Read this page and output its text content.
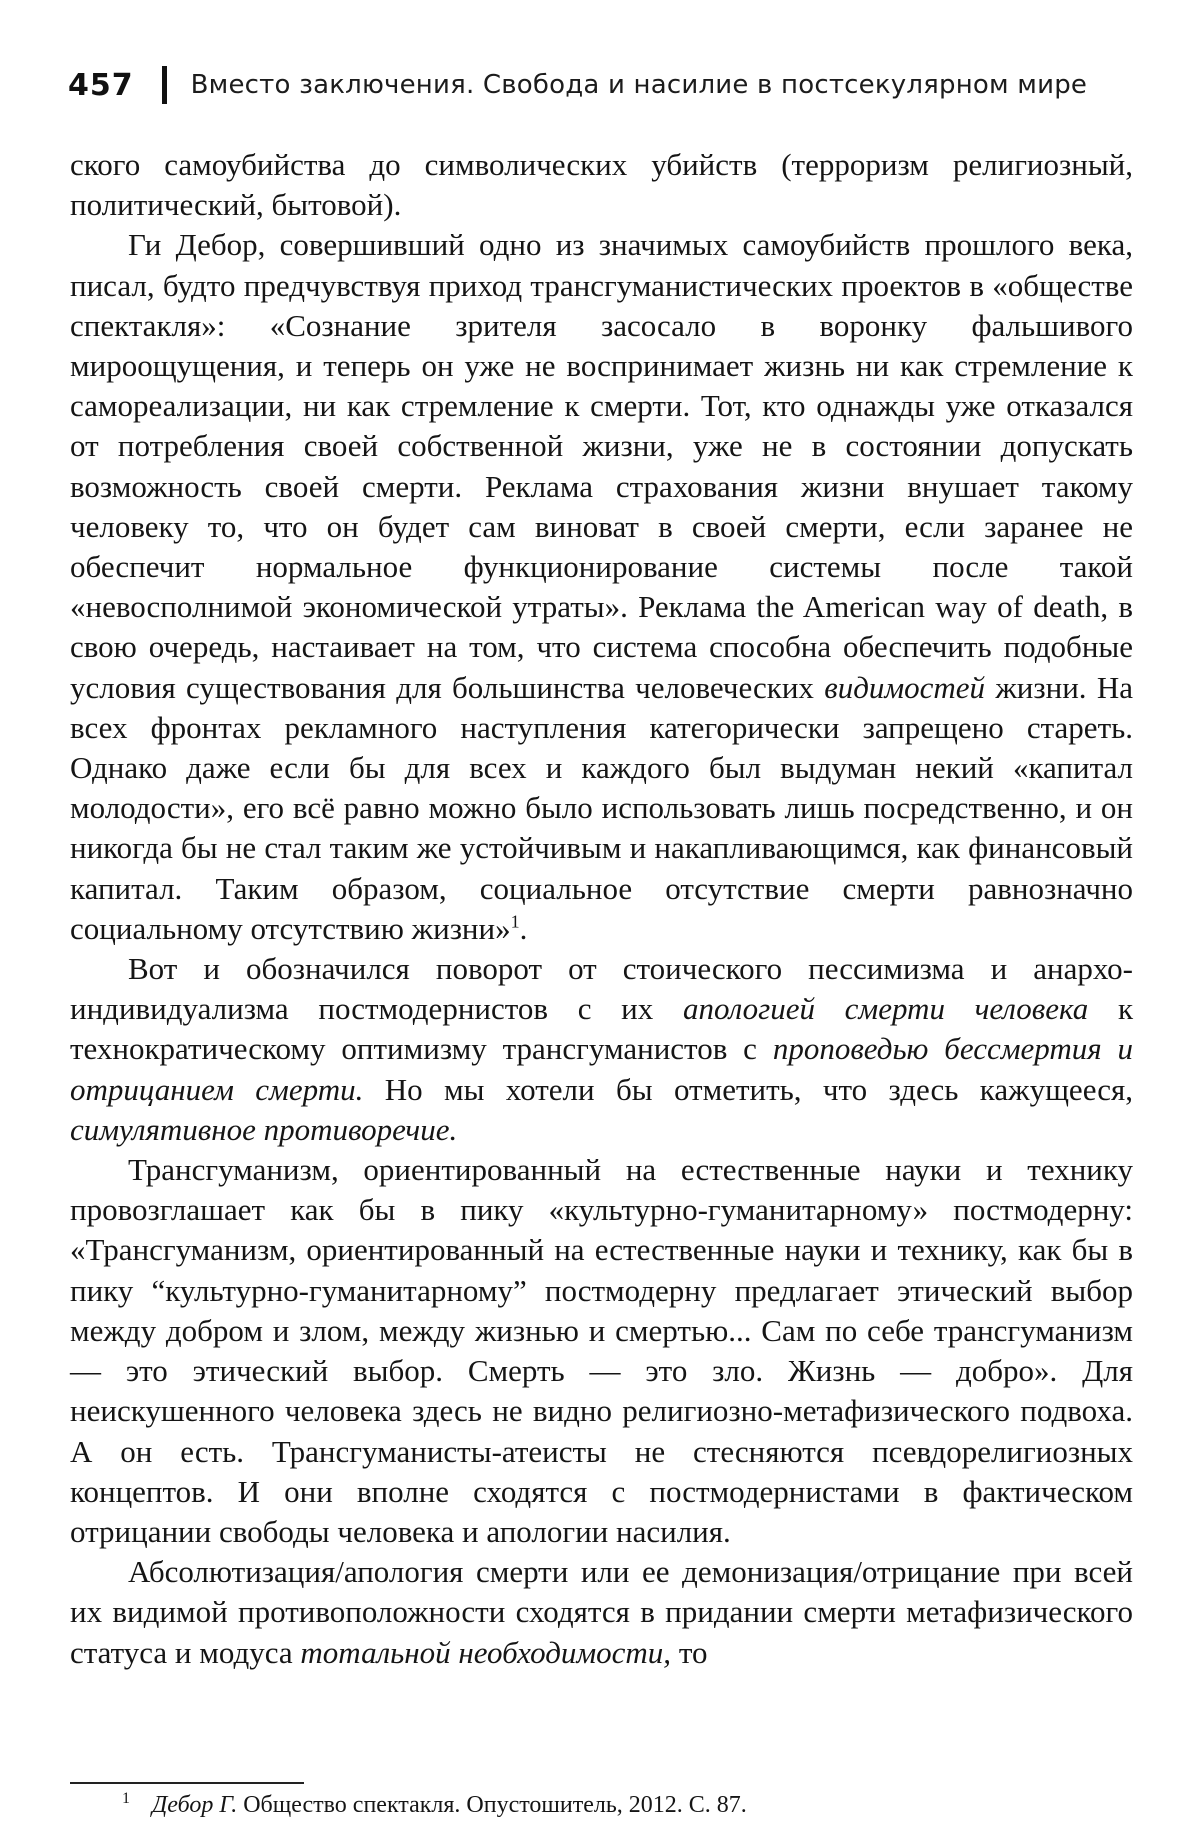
457 Вместо заключения. Свобода и насилие в постсекулярном мире

ского самоубийства до символических убийств (терроризм религиозный, политический, бытовой).

Ги Дебор, совершивший одно из значимых самоубийств прошлого века, писал, будто предчувствуя приход трансгуманистических проектов в «обществе спектакля»: «Сознание зрителя засосало в воронку фальшивого мироощущения, и теперь он уже не воспринимает жизнь ни как стремление к самореализации, ни как стремление к смерти. Тот, кто однажды уже отказался от потребления своей собственной жизни, уже не в состоянии допускать возможность своей смерти. Реклама страхования жизни внушает такому человеку то, что он будет сам виноват в своей смерти, если заранее не обеспечит нормальное функционирование системы после такой «невосполнимой экономической утраты». Реклама the American way of death, в свою очередь, настаивает на том, что система способна обеспечить подобные условия существования для большинства человеческих видимостей жизни. На всех фронтах рекламного наступления категорически запрещено стареть. Однако даже если бы для всех и каждого был выдуман некий «капитал молодости», его всё равно можно было использовать лишь посредственно, и он никогда бы не стал таким же устойчивым и накапливающимся, как финансовый капитал. Таким образом, социальное отсутствие смерти равнозначно социальному отсутствию жизни»$^1$.

Вот и обозначился поворот от стоического пессимизма и анархо-индивидуализма постмодернистов с их апологией смерти человека к технократическому оптимизму трансгуманистов с проповедью бессмертия и отрицанием смерти. Но мы хотели бы отметить, что здесь кажущееся, симулятивное противоречие.

Трансгуманизм, ориентированный на естественные науки и технику провозглашает как бы в пику «культурно-гуманитарному» постмодерну: «Трансгуманизм, ориентированный на естественные науки и технику, как бы в пику “культурно-гуманитарному” постмодерну предлагает этический выбор между добром и злом, между жизнью и смертью... Сам по себе трансгуманизм — это этический выбор. Смерть — это зло. Жизнь — добро». Для неискушенного человека здесь не видно религиозно-метафизического подвоха. А он есть. Трансгуманисты-атеисты не стесняются псевдорелигиозных концептов. И они вполне сходятся с постмодернистами в фактическом отрицании свободы человека и апологии насилия.

Абсолютизация/апология смерти или ее демонизация/отрицание при всей их видимой противоположности сходятся в придании смерти метафизического статуса и модуса тотальной необходимости, то

$^1$ Дебор Г. Общество спектакля. Опустошитель, 2012. С. 87.
